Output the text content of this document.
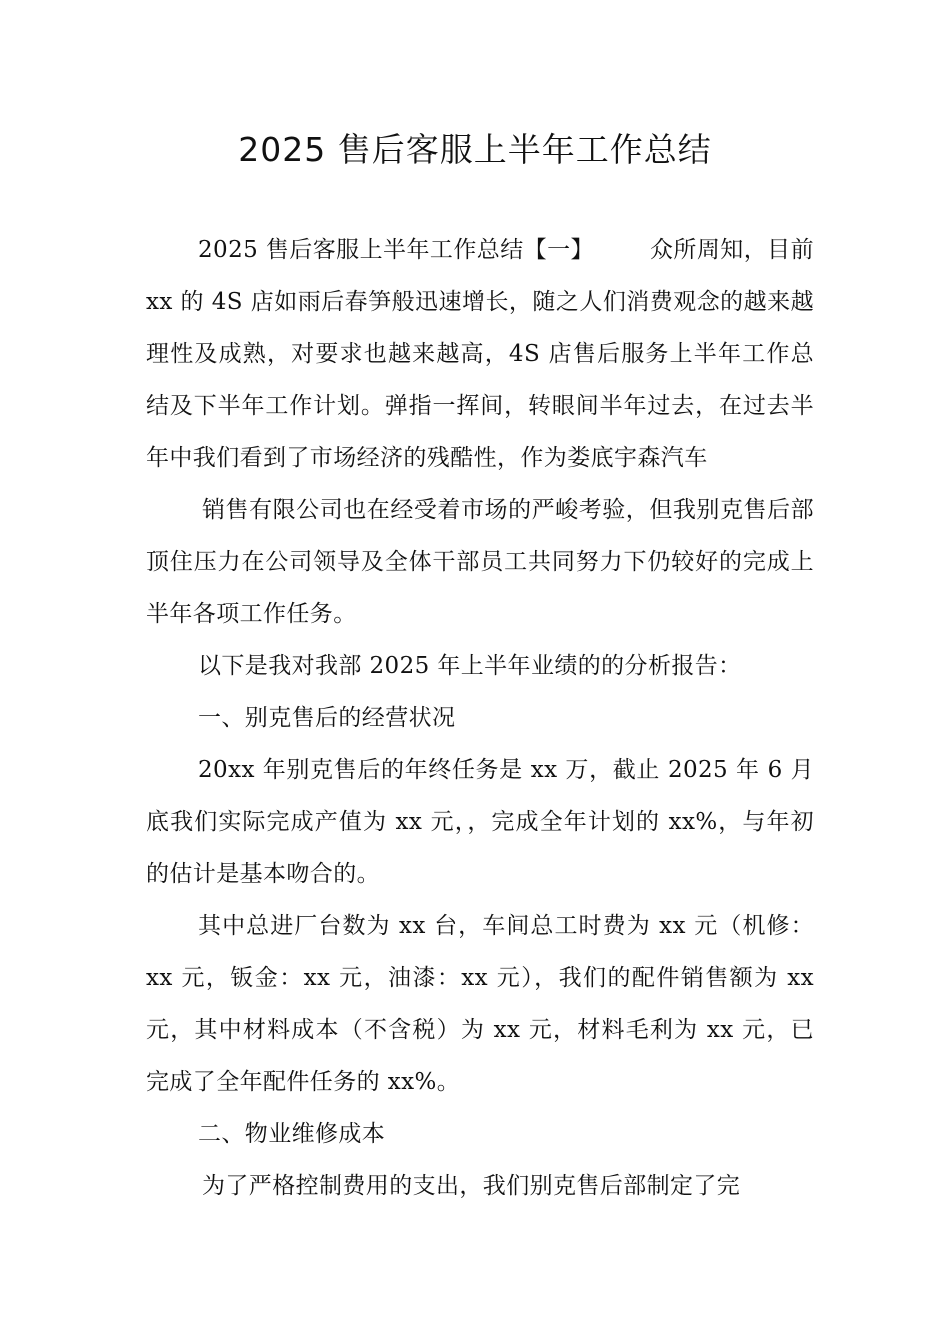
2025 售后客服上半年工作总结

2025 售后客服上半年工作总结【一】 众所周知，目前 xx 的 4S 店如雨后春笋般迅速增长，随之人们消费观念的越来越理性及成熟，对要求也越来越高，4S 店售后服务上半年工作总结及下半年工作计划。弹指一挥间，转眼间半年过去，在过去半年中我们看到了市场经济的残酷性，作为娄底宇森汽车

销售有限公司也在经受着市场的严峻考验，但我别克售后部顶住压力在公司领导及全体干部员工共同努力下仍较好的完成上半年各项工作任务。

以下是我对我部 2025 年上半年业绩的的分析报告：

一、别克售后的经营状况

20xx 年别克售后的年终任务是 xx 万，截止 2025 年 6 月底我们实际完成产值为 xx 元，，完成全年计划的 xx%，与年初的估计是基本吻合的。

其中总进厂台数为 xx 台，车间总工时费为 xx 元（机修：xx 元，钣金：xx 元，油漆：xx 元），我们的配件销售额为 xx 元，其中材料成本（不含税）为 xx 元，材料毛利为 xx 元，已完成了全年配件任务的 xx%。

二、物业维修成本

为了严格控制费用的支出，我们别克售后部制定了完
